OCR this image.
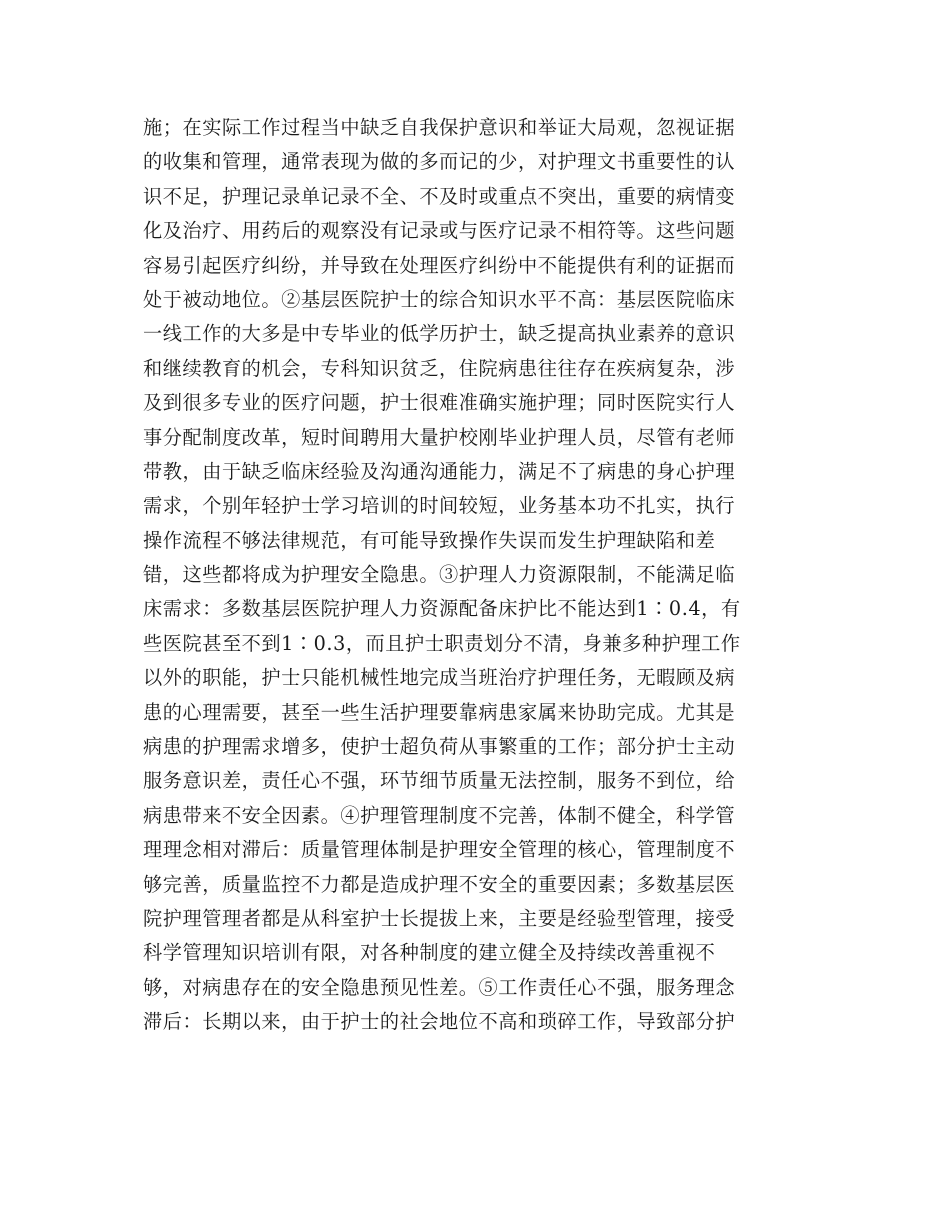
施；在实际工作过程当中缺乏自我保护意识和举证大局观，忽视证据
的收集和管理，通常表现为做的多而记的少，对护理文书重要性的认
识不足，护理记录单记录不全、不及时或重点不突出，重要的病情变
化及治疗、用药后的观察没有记录或与医疗记录不相符等。这些问题
容易引起医疗纠纷，并导致在处理医疗纠纷中不能提供有利的证据而
处于被动地位。②基层医院护士的综合知识水平不高：基层医院临床
一线工作的大多是中专毕业的低学历护士，缺乏提高执业素养的意识
和继续教育的机会，专科知识贫乏，住院病患往往存在疾病复杂，涉
及到很多专业的医疗问题，护士很难准确实施护理；同时医院实行人
事分配制度改革，短时间聘用大量护校刚毕业护理人员，尽管有老师
带教，由于缺乏临床经验及沟通沟通能力，满足不了病患的身心护理
需求，个别年轻护士学习培训的时间较短，业务基本功不扎实，执行
操作流程不够法律规范，有可能导致操作失误而发生护理缺陷和差
错，这些都将成为护理安全隐患。③护理人力资源限制，不能满足临
床需求：多数基层医院护理人力资源配备床护比不能达到1∶0.4，有
些医院甚至不到1∶0.3，而且护士职责划分不清，身兼多种护理工作
以外的职能，护士只能机械性地完成当班治疗护理任务，无暇顾及病
患的心理需要，甚至一些生活护理要靠病患家属来协助完成。尤其是
病患的护理需求增多，使护士超负荷从事繁重的工作；部分护士主动
服务意识差，责任心不强，环节细节质量无法控制，服务不到位，给
病患带来不安全因素。④护理管理制度不完善，体制不健全，科学管
理理念相对滞后：质量管理体制是护理安全管理的核心，管理制度不
够完善，质量监控不力都是造成护理不安全的重要因素；多数基层医
院护理管理者都是从科室护士长提拔上来，主要是经验型管理，接受
科学管理知识培训有限，对各种制度的建立健全及持续改善重视不
够，对病患存在的安全隐患预见性差。⑤工作责任心不强，服务理念
滞后：长期以来，由于护士的社会地位不高和琐碎工作，导致部分护
